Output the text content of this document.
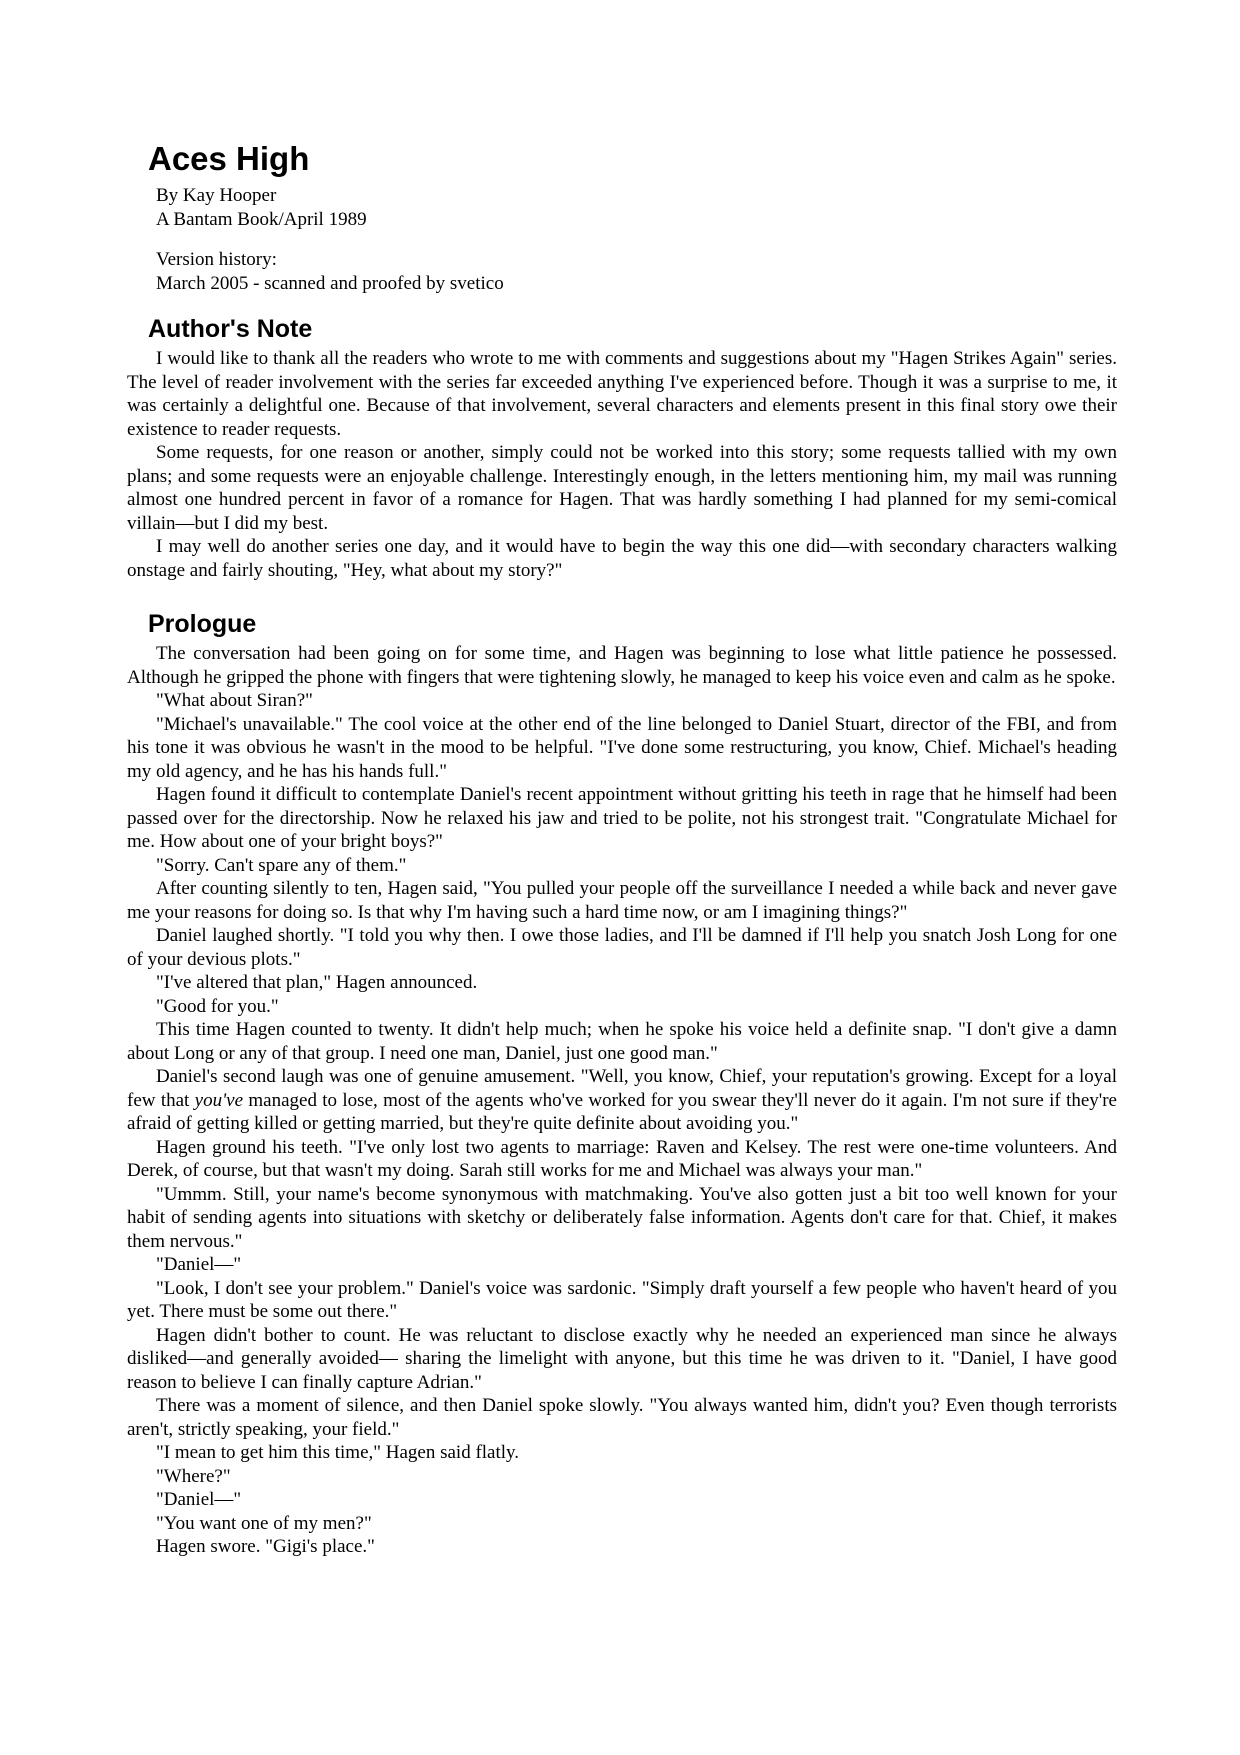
Aces High

By Kay Hooper

A Bantam Book/April 1989

Version history:

March 2005 - scanned and proofed by svetico

Author's Note

I would like to thank all the readers who wrote to me with comments and suggestions about my "Hagen Strikes Again" series. The level of reader involvement with the series far exceeded anything I've experienced before. Though it was a surprise to me, it was certainly a delightful one. Because of that involvement, several characters and elements present in this final story owe their existence to reader requests.

Some requests, for one reason or another, simply could not be worked into this story; some requests tallied with my own plans; and some requests were an enjoyable challenge. Interestingly enough, in the letters mentioning him, my mail was running almost one hundred percent in favor of a romance for Hagen. That was hardly something I had planned for my semi-comical villain—but I did my best.

I may well do another series one day, and it would have to begin the way this one did—with secondary characters walking onstage and fairly shouting, "Hey, what about my story?"

Prologue

The conversation had been going on for some time, and Hagen was beginning to lose what little patience he possessed. Although he gripped the phone with fingers that were tightening slowly, he managed to keep his voice even and calm as he spoke.

"What about Siran?"

"Michael's unavailable." The cool voice at the other end of the line belonged to Daniel Stuart, director of the FBI, and from his tone it was obvious he wasn't in the mood to be helpful. "I've done some restructuring, you know, Chief. Michael's heading my old agency, and he has his hands full."

Hagen found it difficult to contemplate Daniel's recent appointment without gritting his teeth in rage that he himself had been passed over for the directorship. Now he relaxed his jaw and tried to be polite, not his strongest trait. "Congratulate Michael for me. How about one of your bright boys?"

"Sorry. Can't spare any of them."

After counting silently to ten, Hagen said, "You pulled your people off the surveillance I needed a while back and never gave me your reasons for doing so. Is that why I'm having such a hard time now, or am I imagining things?"

Daniel laughed shortly. "I told you why then. I owe those ladies, and I'll be damned if I'll help you snatch Josh Long for one of your devious plots."

"I've altered that plan," Hagen announced.

"Good for you."

This time Hagen counted to twenty. It didn't help much; when he spoke his voice held a definite snap. "I don't give a damn about Long or any of that group. I need one man, Daniel, just one good man."

Daniel's second laugh was one of genuine amusement. "Well, you know, Chief, your reputation's growing. Except for a loyal few that you've managed to lose, most of the agents who've worked for you swear they'll never do it again. I'm not sure if they're afraid of getting killed or getting married, but they're quite definite about avoiding you."

Hagen ground his teeth. "I've only lost two agents to marriage: Raven and Kelsey. The rest were one-time volunteers. And Derek, of course, but that wasn't my doing. Sarah still works for me and Michael was always your man."

"Ummm. Still, your name's become synonymous with matchmaking. You've also gotten just a bit too well known for your habit of sending agents into situations with sketchy or deliberately false information. Agents don't care for that. Chief, it makes them nervous."

"Daniel—"

"Look, I don't see your problem." Daniel's voice was sardonic. "Simply draft yourself a few people who haven't heard of you yet. There must be some out there."

Hagen didn't bother to count. He was reluctant to disclose exactly why he needed an experienced man since he always disliked—and generally avoided— sharing the limelight with anyone, but this time he was driven to it. "Daniel, I have good reason to believe I can finally capture Adrian."

There was a moment of silence, and then Daniel spoke slowly. "You always wanted him, didn't you? Even though terrorists aren't, strictly speaking, your field."

"I mean to get him this time," Hagen said flatly.

"Where?"

"Daniel—"

"You want one of my men?"

Hagen swore. "Gigi's place."
